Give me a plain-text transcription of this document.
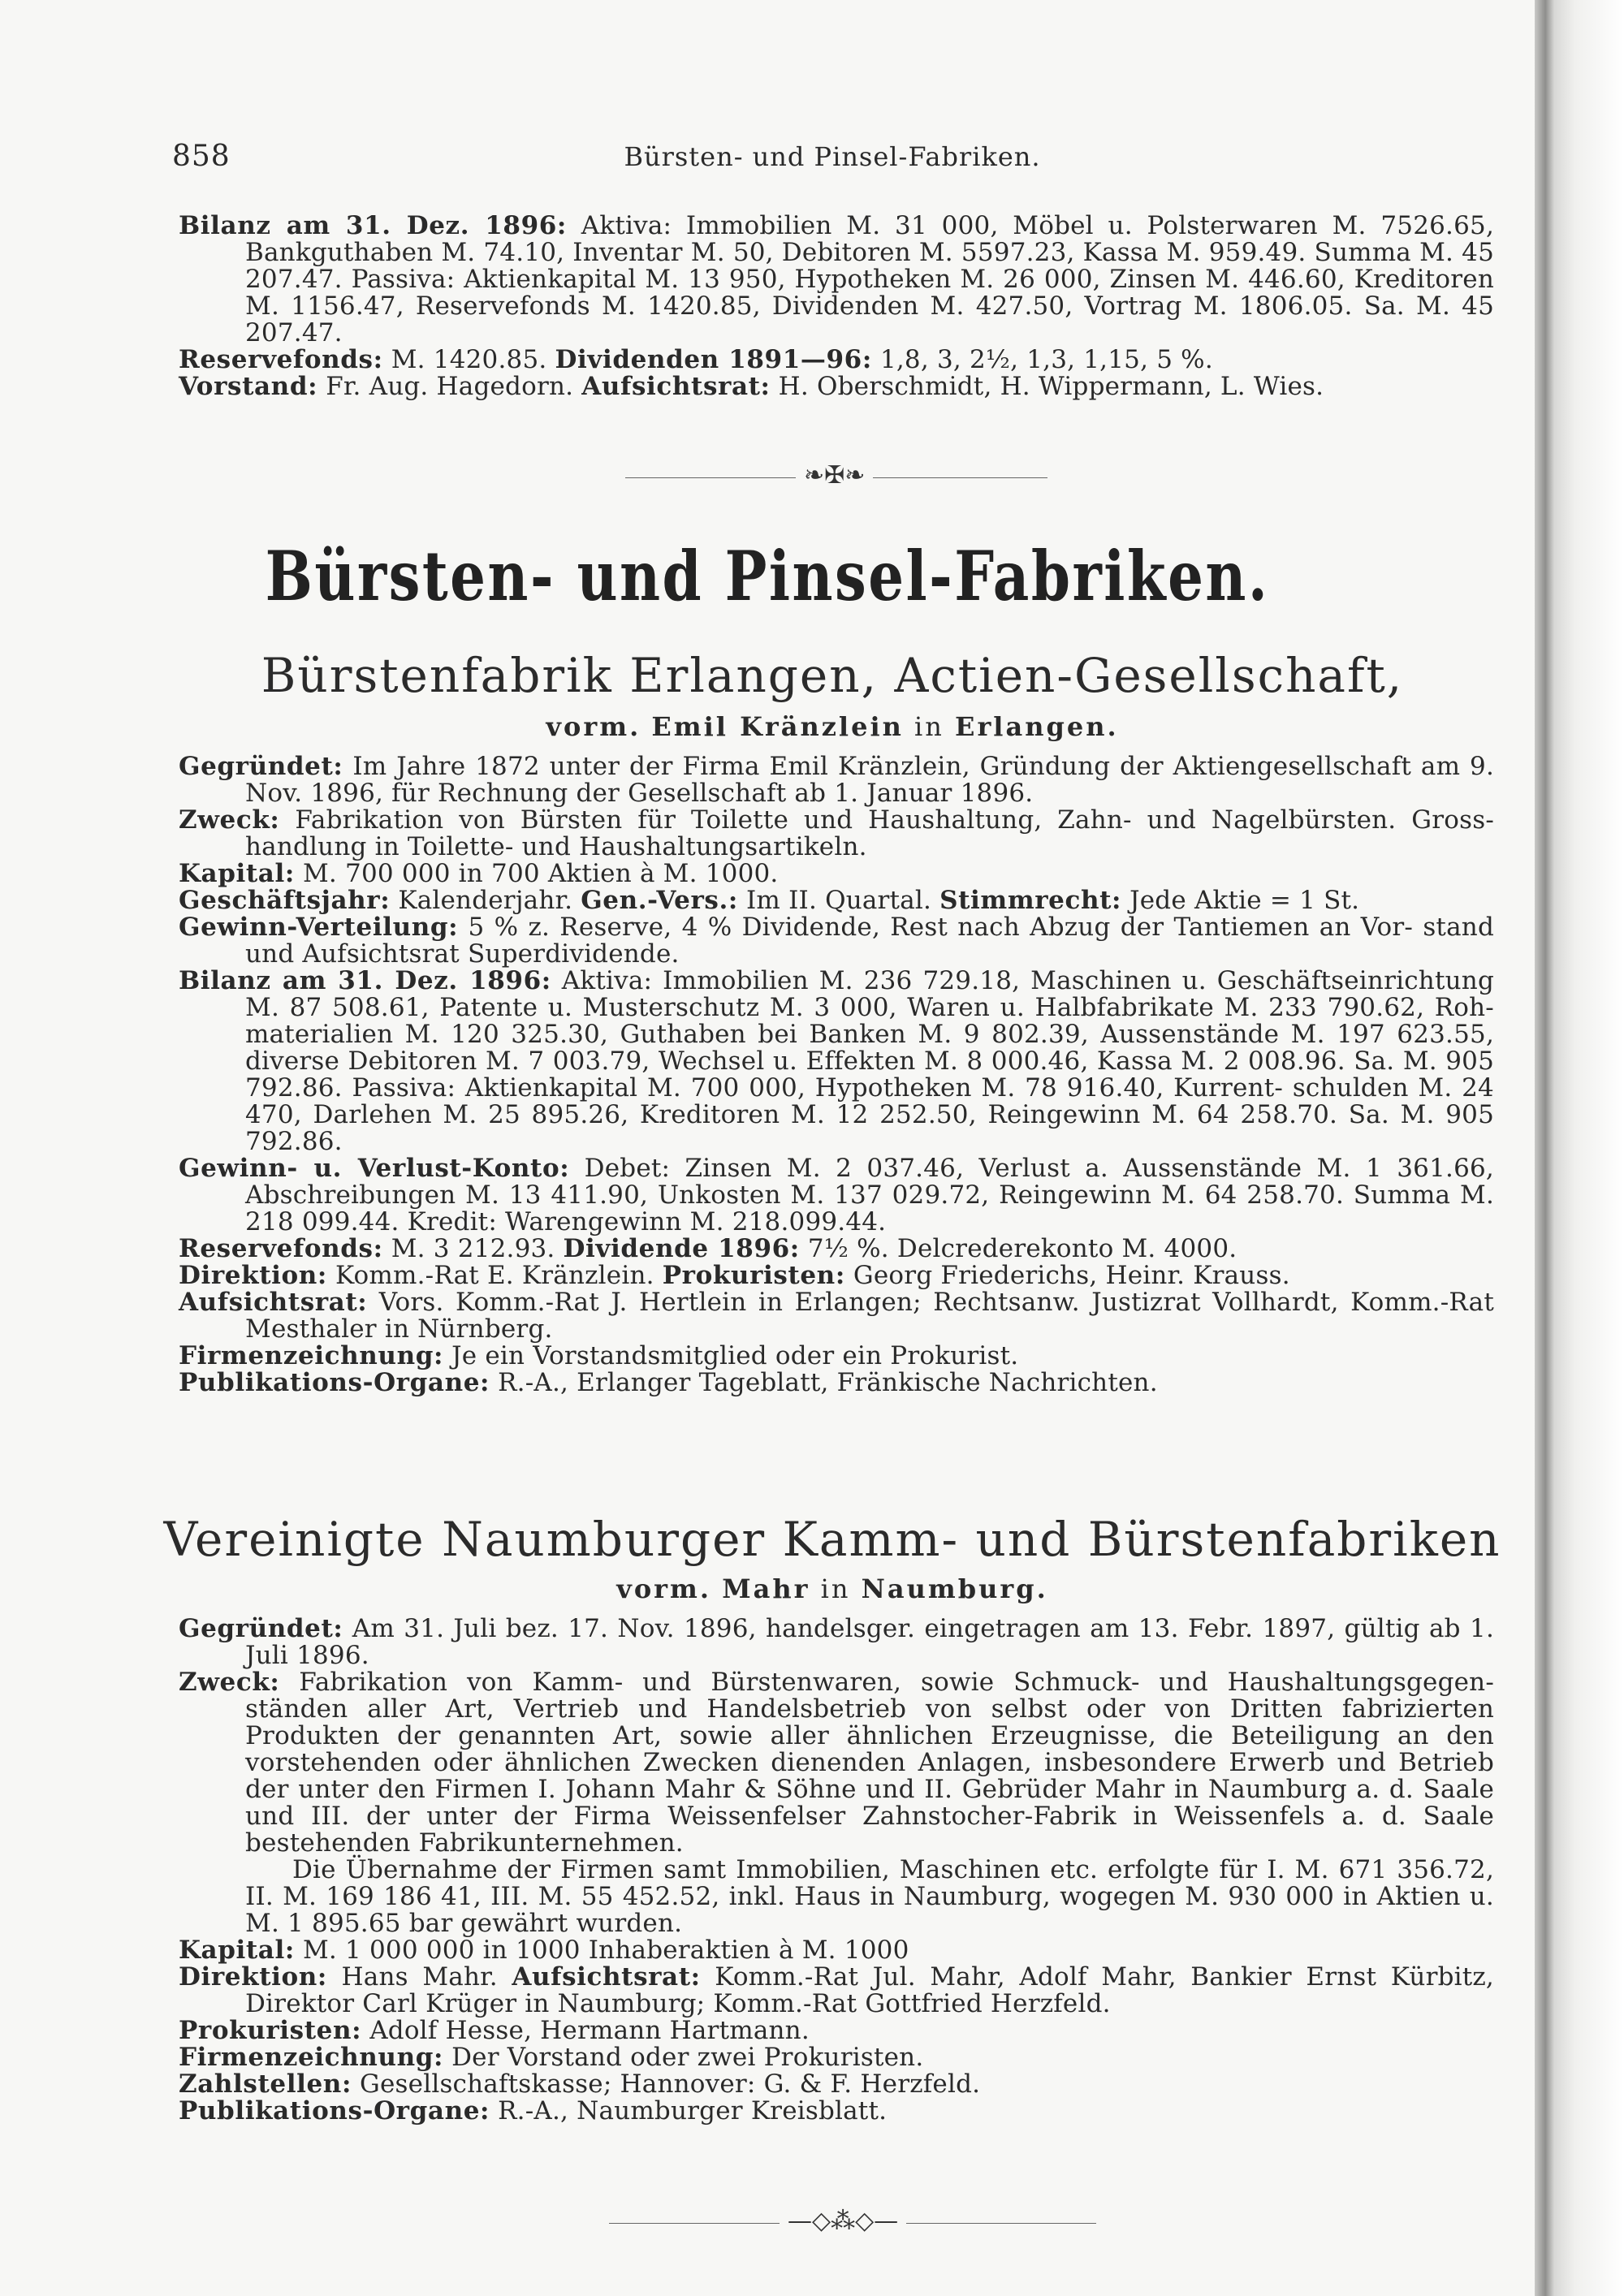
858	Bürsten- und Pinsel-Fabriken.

Bilanz am 31. Dez. 1896: Aktiva: Immobilien M. 31 000, Möbel u. Polsterwaren M. 7526.65, Bankguthaben M. 74.10, Inventar M. 50, Debitoren M. 5597.23, Kassa M. 959.49. Summa M. 45 207.47. Passiva: Aktienkapital M. 13 950, Hypotheken M. 26 000, Zinsen M. 446.60, Kreditoren M. 1156.47, Reservefonds M. 1420.85, Dividenden M. 427.50, Vortrag M. 1806.05. Sa. M. 45 207.47.

Reservefonds: M. 1420.85. Dividenden 1891—96: 1,8, 3, 2½, 1,3, 1,15, 5 %.

Vorstand: Fr. Aug. Hagedorn. Aufsichtsrat: H. Oberschmidt, H. Wippermann, L. Wies.

❧✠❧
Bürsten- und Pinsel-Fabriken.
Bürstenfabrik Erlangen, Actien-Gesellschaft,
vorm. Emil Kränzlein in Erlangen.

Gegründet: Im Jahre 1872 unter der Firma Emil Kränzlein, Gründung der Aktiengesellschaft am 9. Nov. 1896, für Rechnung der Gesellschaft ab 1. Januar 1896.

Zweck: Fabrikation von Bürsten für Toilette und Haushaltung, Zahn- und Nagelbürsten. Gross- handlung in Toilette- und Haushaltungsartikeln.

Kapital: M. 700 000 in 700 Aktien à M. 1000.

Geschäftsjahr: Kalenderjahr. Gen.-Vers.: Im II. Quartal. Stimmrecht: Jede Aktie = 1 St.

Gewinn-Verteilung: 5 % z. Reserve, 4 % Dividende, Rest nach Abzug der Tantiemen an Vor- stand und Aufsichtsrat Superdividende.

Bilanz am 31. Dez. 1896: Aktiva: Immobilien M. 236 729.18, Maschinen u. Geschäftseinrichtung M. 87 508.61, Patente u. Musterschutz M. 3 000, Waren u. Halbfabrikate M. 233 790.62, Roh- materialien M. 120 325.30, Guthaben bei Banken M. 9 802.39, Aussenstände M. 197 623.55, diverse Debitoren M. 7 003.79, Wechsel u. Effekten M. 8 000.46, Kassa M. 2 008.96. Sa. M. 905 792.86. Passiva: Aktienkapital M. 700 000, Hypotheken M. 78 916.40, Kurrent- schulden M. 24 470, Darlehen M. 25 895.26, Kreditoren M. 12 252.50, Reingewinn M. 64 258.70. Sa. M. 905 792.86.

Gewinn- u. Verlust-Konto: Debet: Zinsen M. 2 037.46, Verlust a. Aussenstände M. 1 361.66, Abschreibungen M. 13 411.90, Unkosten M. 137 029.72, Reingewinn M. 64 258.70. Summa M. 218 099.44. Kredit: Warengewinn M. 218.099.44.

Reservefonds: M. 3 212.93. Dividende 1896: 7½ %. Delcrederekonto M. 4000.

Direktion: Komm.-Rat E. Kränzlein. Prokuristen: Georg Friederichs, Heinr. Krauss.

Aufsichtsrat: Vors. Komm.-Rat J. Hertlein in Erlangen; Rechtsanw. Justizrat Vollhardt, Komm.-Rat Mesthaler in Nürnberg.

Firmenzeichnung: Je ein Vorstandsmitglied oder ein Prokurist.

Publikations-Organe: R.-A., Erlanger Tageblatt, Fränkische Nachrichten.

Vereinigte Naumburger Kamm- und Bürstenfabriken
vorm. Mahr in Naumburg.

Gegründet: Am 31. Juli bez. 17. Nov. 1896, handelsger. eingetragen am 13. Febr. 1897, gültig ab 1. Juli 1896.

Zweck: Fabrikation von Kamm- und Bürstenwaren, sowie Schmuck- und Haushaltungsgegen- ständen aller Art, Vertrieb und Handelsbetrieb von selbst oder von Dritten fabrizierten Produkten der genannten Art, sowie aller ähnlichen Erzeugnisse, die Beteiligung an den vorstehenden oder ähnlichen Zwecken dienenden Anlagen, insbesondere Erwerb und Betrieb der unter den Firmen I. Johann Mahr & Söhne und II. Gebrüder Mahr in Naumburg a. d. Saale und III. der unter der Firma Weissenfelser Zahnstocher-Fabrik in Weissenfels a. d. Saale bestehenden Fabrikunternehmen.

Die Übernahme der Firmen samt Immobilien, Maschinen etc. erfolgte für I. M. 671 356.72, II. M. 169 186 41, III. M. 55 452.52, inkl. Haus in Naumburg, wogegen M. 930 000 in Aktien u. M. 1 895.65 bar gewährt wurden.

Kapital: M. 1 000 000 in 1000 Inhaberaktien à M. 1000

Direktion: Hans Mahr. Aufsichtsrat: Komm.-Rat Jul. Mahr, Adolf Mahr, Bankier Ernst Kürbitz, Direktor Carl Krüger in Naumburg; Komm.-Rat Gottfried Herzfeld.

Prokuristen: Adolf Hesse, Hermann Hartmann.

Firmenzeichnung: Der Vorstand oder zwei Prokuristen.

Zahlstellen: Gesellschaftskasse; Hannover: G. & F. Herzfeld.

Publikations-Organe: R.-A., Naumburger Kreisblatt.

—◇⁂◇—
